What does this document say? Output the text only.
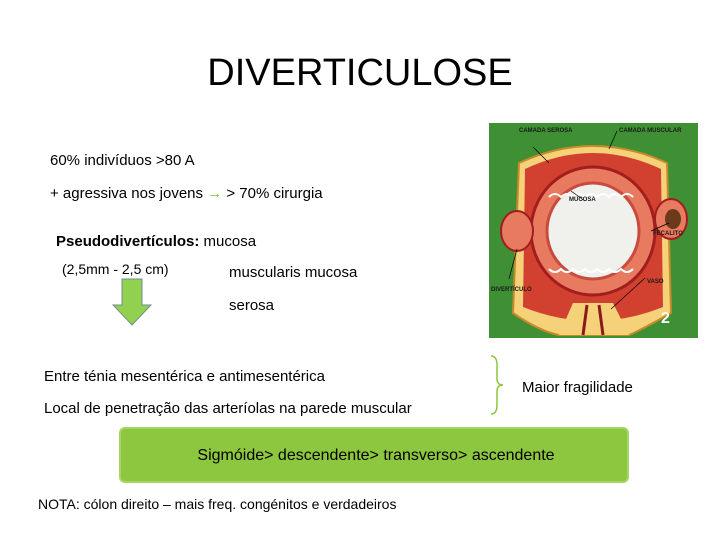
DIVERTICULOSE
60% indivíduos >80 A
+ agressiva nos jovens → > 70% cirurgia
Pseudodivertículos: mucosa
(2,5mm - 2,5 cm)	muscularis mucosa
serosa
Entre ténia mesentérica e antimesentérica
Local de penetração das arteríolas na parede muscular
Maior fragilidade
Sigmóide> descendente> transverso> ascendente
NOTA: cólon direito – mais freq. congénitos e verdadeiros
CAMADA SEROSA	CAMADA MUSCULAR
MUCOSA
FECALITO
VASO
DIVERTÍCULO
2
